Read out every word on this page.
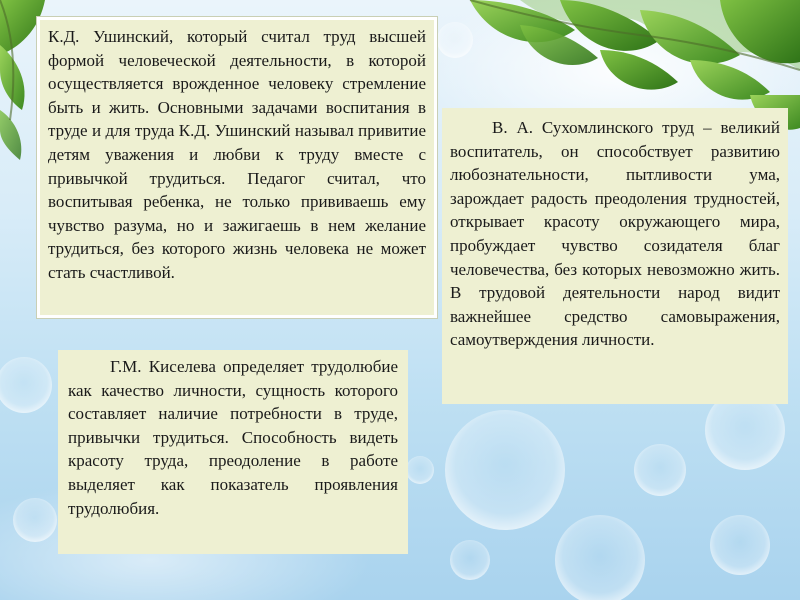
К.Д. Ушинский, который считал труд высшей формой человеческой деятельности, в которой осуществляется врожденное человеку стремление быть и жить. Основными задачами воспитания в труде и для труда К.Д. Ушинский называл привитие детям уважения и любви к труду вместе с привычкой трудиться. Педагог считал, что воспитывая ребенка, не только прививаешь ему чувство разума, но и зажигаешь в нем желание трудиться, без которого жизнь человека не может стать счастливой.

В. А. Сухомлинского труд – великий воспитатель, он способствует развитию любознательности, пытливости ума, зарождает радость преодоления трудностей, открывает красоту окружающего мира, пробуждает чувство созидателя благ человечества, без которых невозможно жить. В трудовой деятельности народ видит важнейшее средство самовыражения, самоутверждения личности.

Г.М. Киселева определяет трудолюбие как качество личности, сущность которого составляет наличие потребности в труде, привычки трудиться. Способность видеть красоту труда, преодоление в работе выделяет как показатель проявления трудолюбия.
